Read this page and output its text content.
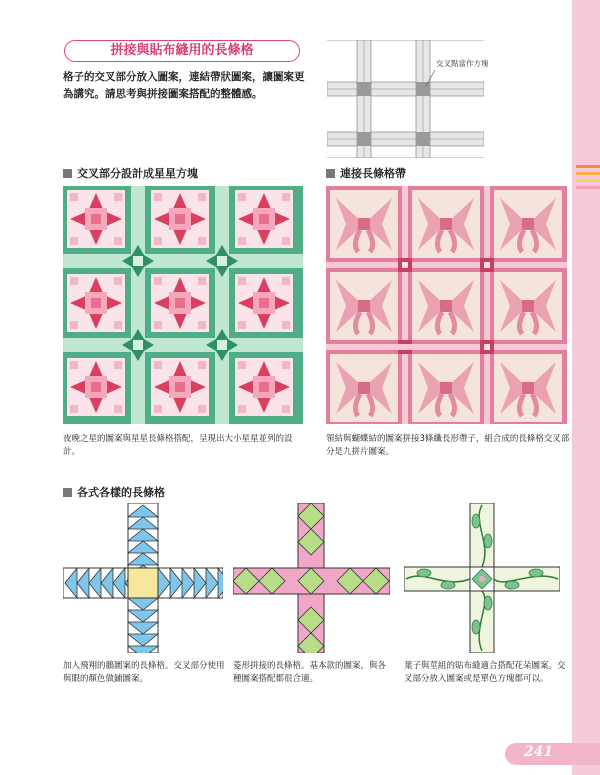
241
拼接與貼布縫用的長條格
格子的交叉部分放入圖案，連結帶狀圖案，讓圖案更為講究。請思考與拼接圖案搭配的整體感。
交叉點當作方塊
交叉部分設計成星星方塊	連接長條格帶
各式各樣的長條格
夜晚之星的圖案與星星長條格搭配，呈現出大小星星並列的設計。
領結與蝴蝶結的圖案拼接3條纖長形帶子，組合成的長條格交叉部分是九拼片圖案。
加入飛翔的鵝圖案的長條格。交叉部分使用與眼的顏色做鋪圖案。
菱形拼接的長條格。基本款的圖案，與各種圖案搭配都很合適。
葉子與莖組的貼布縫適合搭配花朵圖案。交叉部分放入圖案或是單色方塊都可以。
